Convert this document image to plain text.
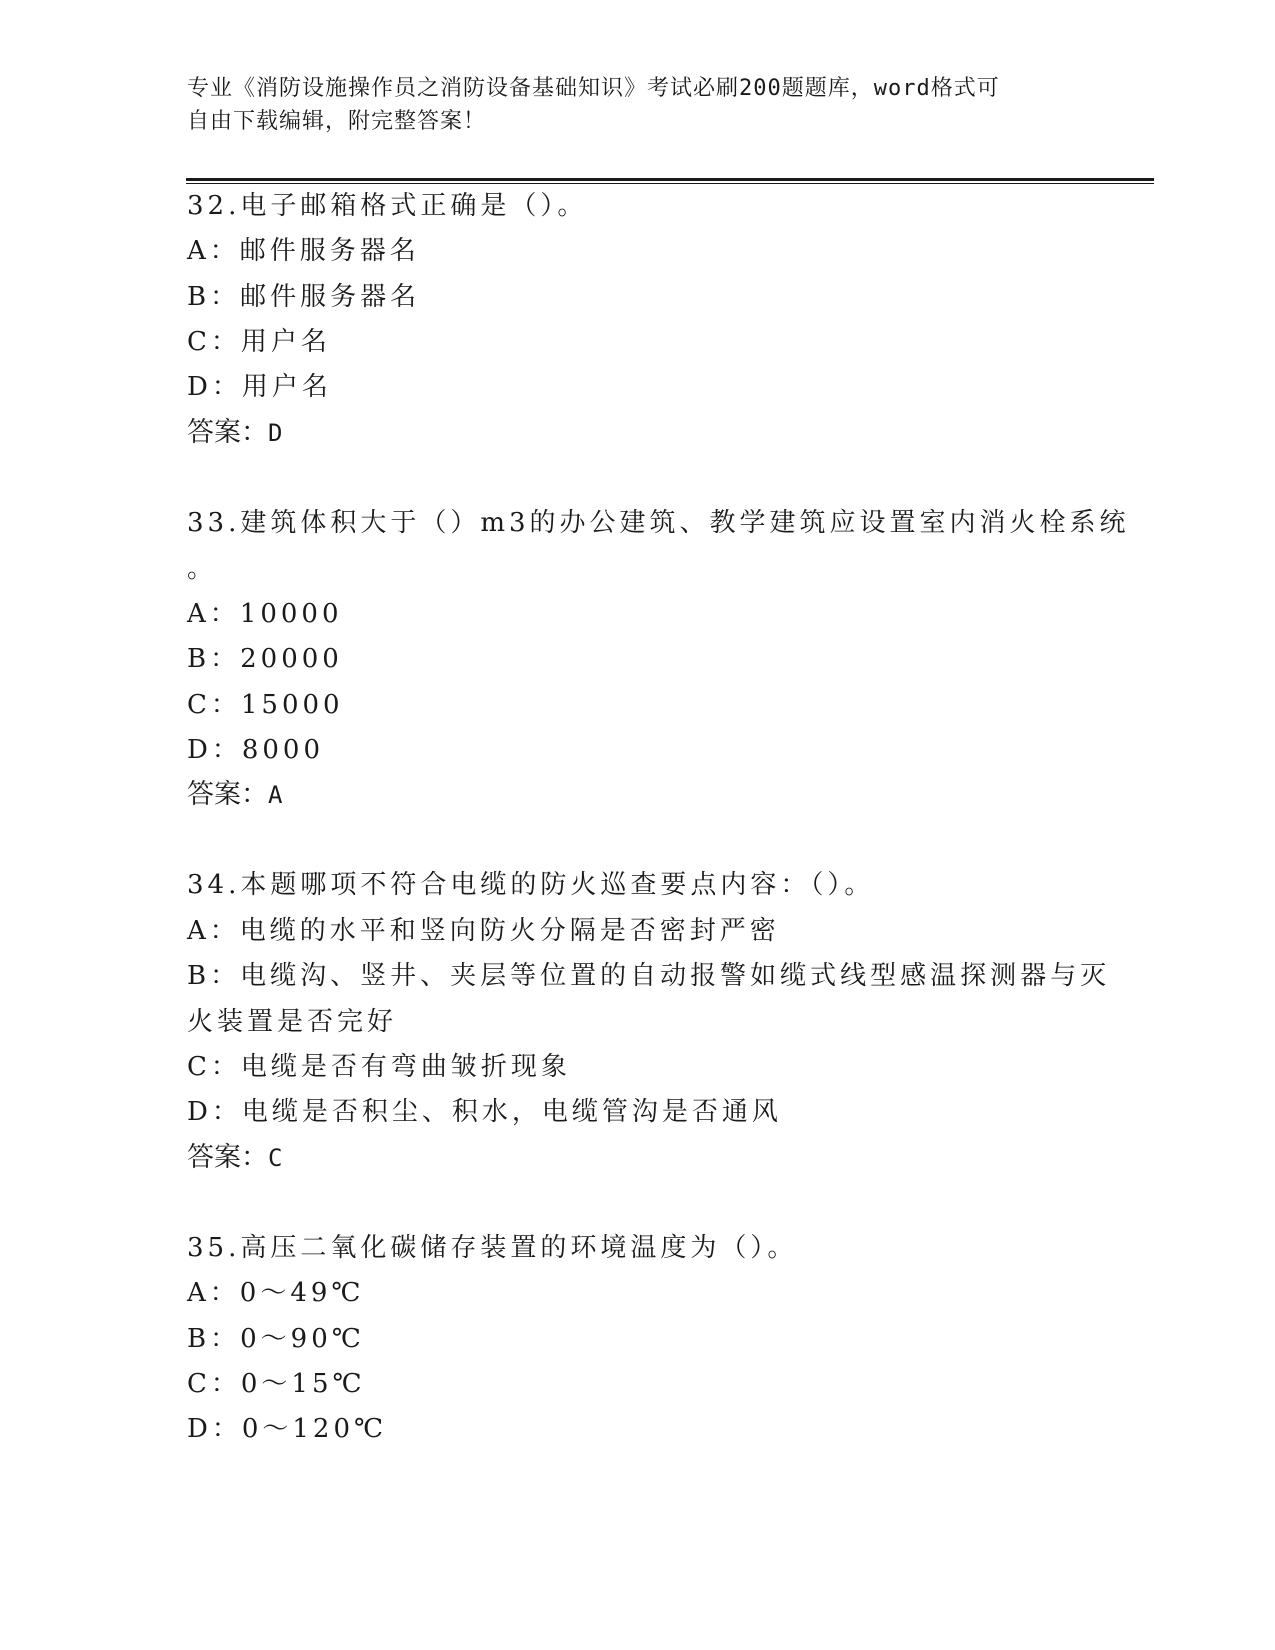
专业《消防设施操作员之消防设备基础知识》考试必刷200题题库，word格式可
自由下载编辑，附完整答案！
32.电子邮箱格式正确是（）。
A：邮件服务器名
B：邮件服务器名
C：用户名
D：用户名
答案：D
33.建筑体积大于（）m3的办公建筑、教学建筑应设置室内消火栓系统
。
A：10000
B：20000
C：15000
D：8000
答案：A
34.本题哪项不符合电缆的防火巡查要点内容：（）。
A：电缆的水平和竖向防火分隔是否密封严密
B：电缆沟、竖井、夹层等位置的自动报警如缆式线型感温探测器与灭
火装置是否完好
C：电缆是否有弯曲皱折现象
D：电缆是否积尘、积水，电缆管沟是否通风
答案：C
35.高压二氧化碳储存装置的环境温度为（）。
A：0～49℃
B：0～90℃
C：0～15℃
D：0～120℃
